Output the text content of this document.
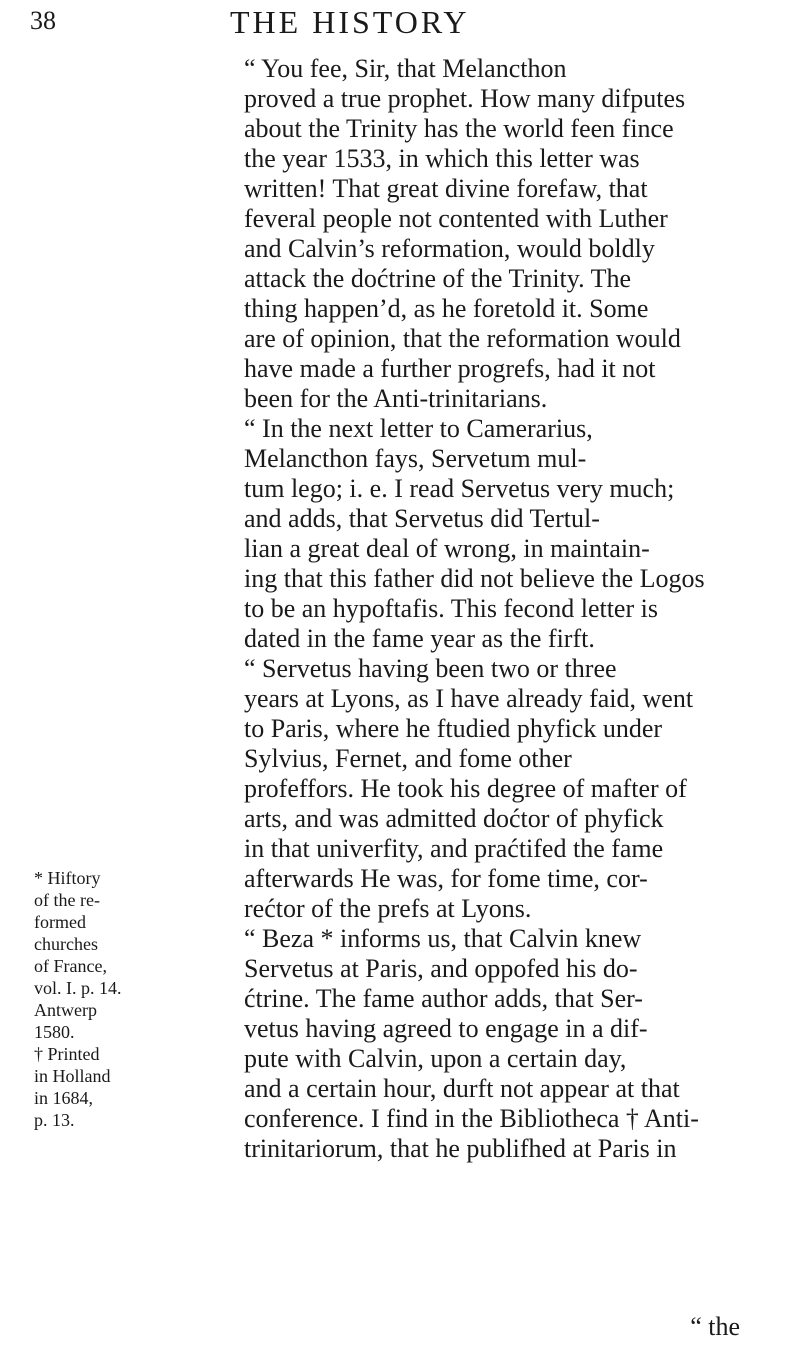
38	THE HISTORY
“ You fee, Sir, that Melancthon
proved a true prophet. How many difputes
about the Trinity has the world feen fince
the year 1533, in which this letter was
written! That great divine forefaw, that
feveral people not contented with Luther
and Calvin’s reformation, would boldly
attack the doćtrine of the Trinity. The
thing happen’d, as he foretold it. Some
are of opinion, that the reformation would
have made a further progrefs, had it not
been for the Anti-trinitarians.
“ In the next letter to Camerarius,
Melancthon fays, Servetum mul-
tum lego; i. e. I read Servetus very much;
and adds, that Servetus did Tertul-
lian a great deal of wrong, in maintain-
ing that this father did not believe the Logos
to be an hypoftafis. This fecond letter is
dated in the fame year as the firft.
“ Servetus having been two or three
years at Lyons, as I have already faid, went
to Paris, where he ftudied phyfick under
Sylvius, Fernet, and fome other
profeffors. He took his degree of mafter of
arts, and was admitted doćtor of phyfick
in that univerfity, and praćtifed the fame
afterwards He was, for fome time, cor-
rećtor of the prefs at Lyons.
“ Beza * informs us, that Calvin knew
Servetus at Paris, and oppofed his do-
ćtrine. The fame author adds, that Ser-
vetus having agreed to engage in a dif-
pute with Calvin, upon a certain day,
and a certain hour, durft not appear at that
conference. I find in the Bibliotheca † Anti-
trinitariorum, that he publifhed at Paris in
* Hiftory
of the re-
formed
churches
of France,
vol. I. p. 14.
Antwerp
1580.
† Printed
in Holland
in 1684,
p. 13.
“ the
